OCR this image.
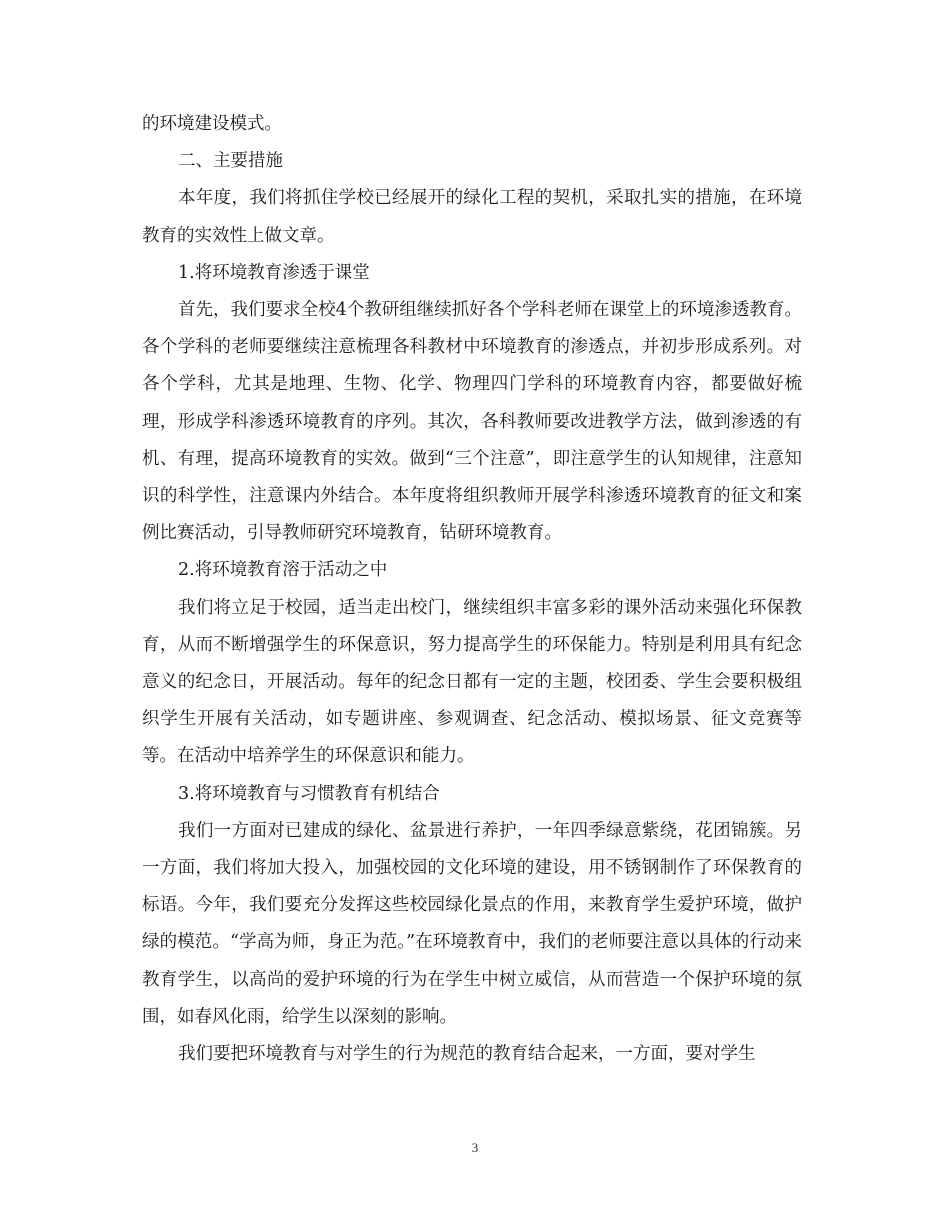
的环境建设模式。

二、主要措施

本年度，我们将抓住学校已经展开的绿化工程的契机，采取扎实的措施，在环境教育的实效性上做文章。

1.将环境教育渗透于课堂

首先，我们要求全校4个教研组继续抓好各个学科老师在课堂上的环境渗透教育。各个学科的老师要继续注意梳理各科教材中环境教育的渗透点，并初步形成系列。对各个学科，尤其是地理、生物、化学、物理四门学科的环境教育内容，都要做好梳理，形成学科渗透环境教育的序列。其次，各科教师要改进教学方法，做到渗透的有机、有理，提高环境教育的实效。做到“三个注意”，即注意学生的认知规律，注意知识的科学性，注意课内外结合。本年度将组织教师开展学科渗透环境教育的征文和案例比赛活动，引导教师研究环境教育，钻研环境教育。

2.将环境教育溶于活动之中

我们将立足于校园，适当走出校门，继续组织丰富多彩的课外活动来强化环保教育，从而不断增强学生的环保意识，努力提高学生的环保能力。特别是利用具有纪念意义的纪念日，开展活动。每年的纪念日都有一定的主题，校团委、学生会要积极组织学生开展有关活动，如专题讲座、参观调查、纪念活动、模拟场景、征文竞赛等等。在活动中培养学生的环保意识和能力。

3.将环境教育与习惯教育有机结合

我们一方面对已建成的绿化、盆景进行养护，一年四季绿意紫绕，花团锦簇。另一方面，我们将加大投入，加强校园的文化环境的建设，用不锈钢制作了环保教育的标语。今年，我们要充分发挥这些校园绿化景点的作用，来教育学生爱护环境，做护绿的模范。“学高为师，身正为范。”在环境教育中，我们的老师要注意以具体的行动来教育学生，以高尚的爱护环境的行为在学生中树立威信，从而营造一个保护环境的氛围，如春风化雨，给学生以深刻的影响。

我们要把环境教育与对学生的行为规范的教育结合起来，一方面，要对学生

3
